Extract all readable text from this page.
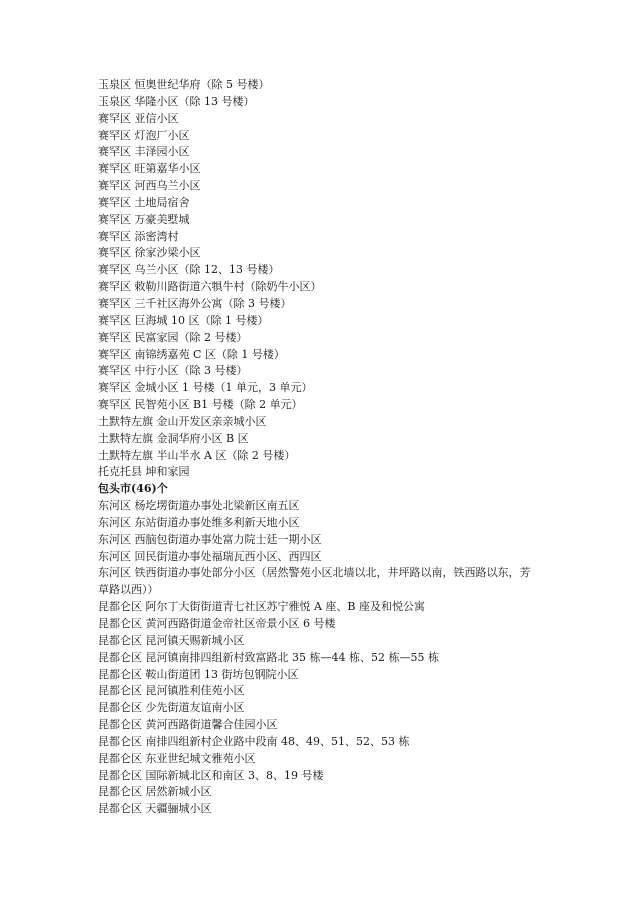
玉泉区 恒奥世纪华府（除 5 号楼）
玉泉区 华隆小区（除 13 号楼）
赛罕区 亚信小区
赛罕区 灯泡厂小区
赛罕区 丰泽园小区
赛罕区 旺第嘉华小区
赛罕区 河西乌兰小区
赛罕区 土地局宿舍
赛罕区 万豪美墅城
赛罕区 添密湾村
赛罕区 徐家沙梁小区
赛罕区 乌兰小区（除 12、13 号楼）
赛罕区 敕勒川路街道六犋牛村（除奶牛小区）
赛罕区 三千社区海外公寓（除 3 号楼）
赛罕区 巨海城 10 区（除 1 号楼）
赛罕区 民富家园（除 2 号楼）
赛罕区 南锦绣嘉苑 C 区（除 1 号楼）
赛罕区 中行小区（除 3 号楼）
赛罕区 金城小区 1 号楼（1 单元，3 单元）
赛罕区 民智苑小区 B1 号楼（除 2 单元）
土默特左旗 金山开发区亲亲城小区
土默特左旗 金洞华府小区 B 区
土默特左旗 半山半水 A 区（除 2 号楼）
托克托县 坤和家园
包头市(46)个
东河区 杨圪塄街道办事处北梁新区南五区
东河区 东站街道办事处维多利新天地小区
东河区 西脑包街道办事处富力院士廷一期小区
东河区 回民街道办事处福瑞瓦西小区、西四区
东河区 铁西街道办事处部分小区（居然警苑小区北墙以北，井坪路以南，铁西路以东，芳草路以西））
昆都仑区 阿尔丁大街街道青七社区苏宁雅悦 A 座、B 座及和悦公寓
昆都仑区 黄河西路街道金帝社区帝景小区 6 号楼
昆都仑区 昆河镇天赐新城小区
昆都仑区 昆河镇南排四组新村致富路北 35 栋—44 栋、52 栋—55 栋
昆都仑区 鞍山街道团 13 街坊包钢院小区
昆都仑区 昆河镇胜利佳苑小区
昆都仑区 少先街道友谊南小区
昆都仑区 黄河西路街道馨合佳园小区
昆都仑区 南排四组新村企业路中段南 48、49、51、52、53 栋
昆都仑区 东亚世纪城文雅苑小区
昆都仑区 国际新城北区和南区 3、8、19 号楼
昆都仑区 居然新城小区
昆都仑区 天疆骊城小区
